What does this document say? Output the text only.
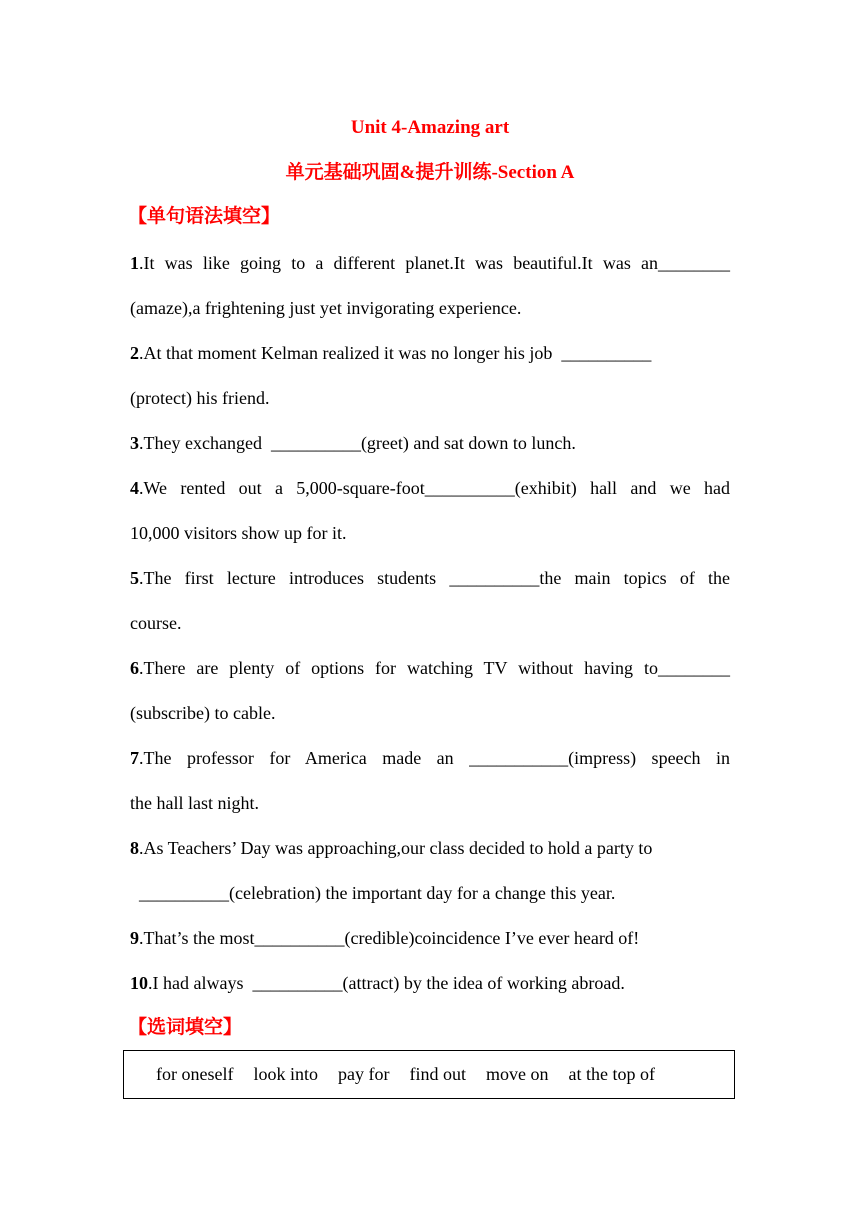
Unit 4-Amazing art
单元基础巩固&提升训练-Section A
【单句语法填空】
1.It was like going to a different planet.It was beautiful.It was an________
(amaze),a frightening just yet invigorating experience.
2.At that moment Kelman realized it was no longer his job  __________
(protect) his friend.
3.They exchanged  __________(greet) and sat down to lunch.
4.We rented out a 5,000-square-foot__________(exhibit) hall and we had
10,000 visitors show up for it.
5.The first lecture introduces students __________the main topics of the
course.
6.There are plenty of options for watching TV without having to________
(subscribe) to cable.
7.The professor for America made an ___________(impress) speech in
the hall last night.
8.As Teachers’ Day was approaching,our class decided to hold a party to
__________(celebration) the important day for a change this year.
9.That’s the most__________(credible)coincidence I’ve ever heard of!
10.I had always  __________(attract) by the idea of working abroad.
【选词填空】
for oneself look into pay for find out move on at the top of
